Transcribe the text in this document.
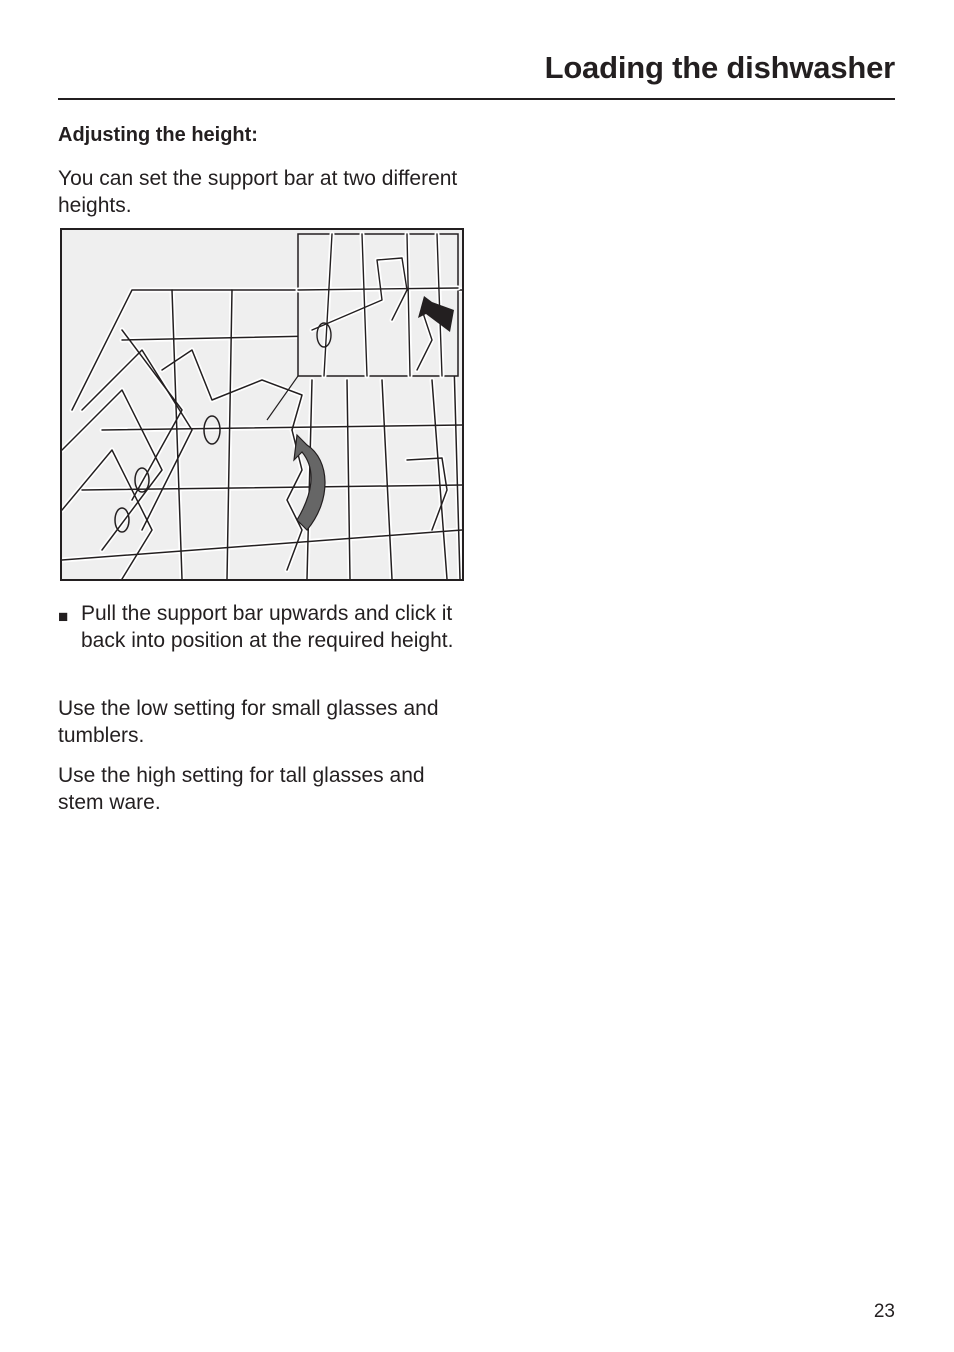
Loading the dishwasher
Adjusting the height:
You can set the support bar at two different heights.
■ Pull the support bar upwards and click it back into position at the required height.
Use the low setting for small glasses and tumblers.
Use the high setting for tall glasses and stem ware.
23
